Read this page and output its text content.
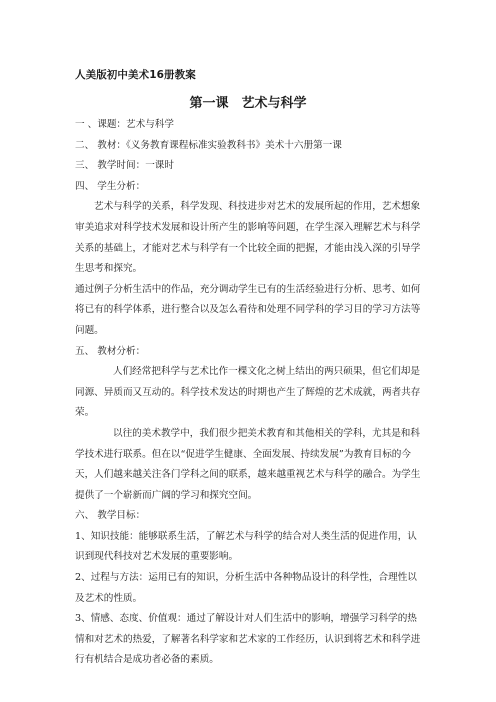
人美版初中美术16册教案
第一课　艺术与科学

一 、课题：艺术与科学

二、 教材：《义务教育课程标准实验教科书》美术十六册第一课

三、 教学时间：一课时

四、 学生分析：

艺术与科学的关系，科学发现、科技进步对艺术的发展所起的作用，艺术想象审美追求对科学技术发展和设计所产生的影响等问题，在学生深入理解艺术与科学关系的基础上，才能对艺术与科学有一个比较全面的把握，才能由浅入深的引导学生思考和探究。

通过例子分析生活中的作品，充分调动学生已有的生活经验进行分析、思考、如何将已有的科学体系，进行整合以及怎么看待和处理不同学科的学习目的学习方法等问题。

五、 教材分析：

人们经常把科学与艺术比作一棵文化之树上结出的两只硕果，但它们却是同源、异质而又互动的。科学技术发达的时期也产生了辉煌的艺术成就，两者共存荣。

以往的美术教学中，我们很少把美术教育和其他相关的学科，尤其是和科学技术进行联系。但在以“促进学生健康、全面发展、持续发展”为教育目标的今天，人们越来越关注各门学科之间的联系，越来越重视艺术与科学的融合。为学生提供了一个崭新而广阔的学习和探究空间。

六、 教学目标：

1、知识技能：能够联系生活，了解艺术与科学的结合对人类生活的促进作用，认识到现代科技对艺术发展的重要影响。

2、过程与方法：运用已有的知识，分析生活中各种物品设计的科学性，合理性以及艺术的性质。

3、情感、态度、价值观：通过了解设计对人们生活中的影响，增强学习科学的热情和对艺术的热爱，了解著名科学家和艺术家的工作经历，认识到将艺术和科学进行有机结合是成功者必备的素质。
